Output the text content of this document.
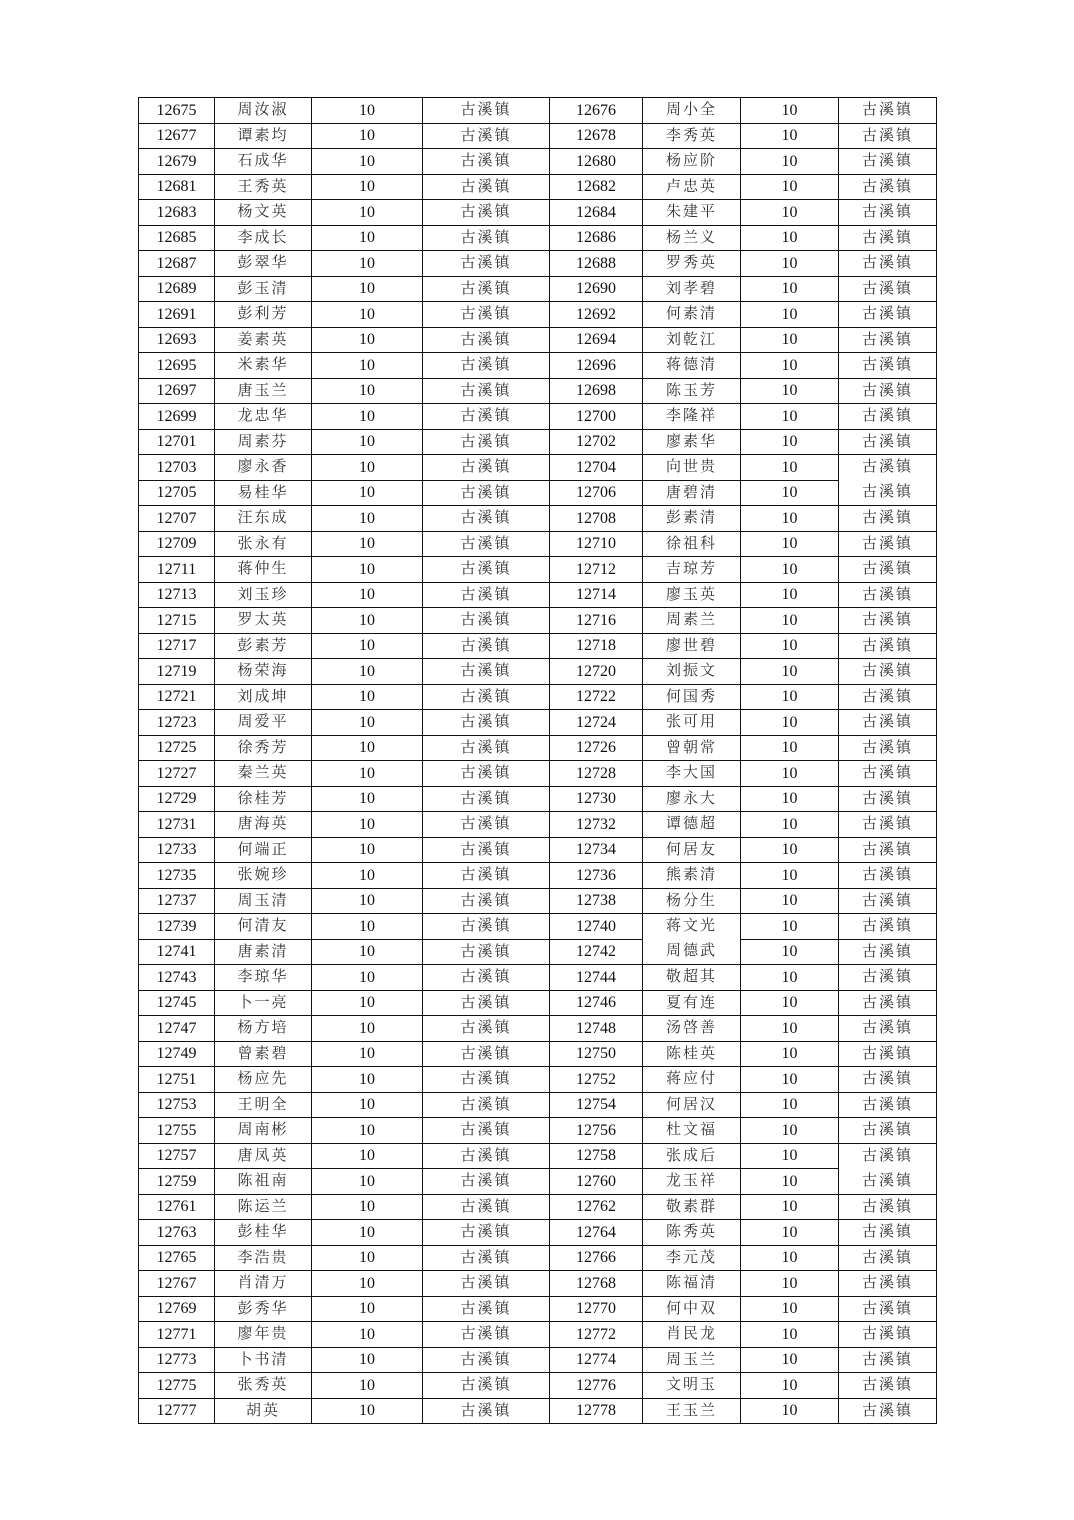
12675	周汝淑	10	古溪镇	12676	周小全	10	古溪镇
12677	谭素均	10	古溪镇	12678	李秀英	10	古溪镇
12679	石成华	10	古溪镇	12680	杨应阶	10	古溪镇
12681	王秀英	10	古溪镇	12682	卢忠英	10	古溪镇
12683	杨文英	10	古溪镇	12684	朱建平	10	古溪镇
12685	李成长	10	古溪镇	12686	杨兰义	10	古溪镇
12687	彭翠华	10	古溪镇	12688	罗秀英	10	古溪镇
12689	彭玉清	10	古溪镇	12690	刘孝碧	10	古溪镇
12691	彭利芳	10	古溪镇	12692	何素清	10	古溪镇
12693	姜素英	10	古溪镇	12694	刘乾江	10	古溪镇
12695	米素华	10	古溪镇	12696	蒋德清	10	古溪镇
12697	唐玉兰	10	古溪镇	12698	陈玉芳	10	古溪镇
12699	龙忠华	10	古溪镇	12700	李隆祥	10	古溪镇
12701	周素芬	10	古溪镇	12702	廖素华	10	古溪镇
12703	廖永香	10	古溪镇	12704	向世贵	10	古溪镇
12705	易桂华	10	古溪镇	12706	唐碧清	10	古溪镇
12707	汪东成	10	古溪镇	12708	彭素清	10	古溪镇
12709	张永有	10	古溪镇	12710	徐祖科	10	古溪镇
12711	蒋仲生	10	古溪镇	12712	吉琼芳	10	古溪镇
12713	刘玉珍	10	古溪镇	12714	廖玉英	10	古溪镇
12715	罗太英	10	古溪镇	12716	周素兰	10	古溪镇
12717	彭素芳	10	古溪镇	12718	廖世碧	10	古溪镇
12719	杨荣海	10	古溪镇	12720	刘振文	10	古溪镇
12721	刘成坤	10	古溪镇	12722	何国秀	10	古溪镇
12723	周爱平	10	古溪镇	12724	张可用	10	古溪镇
12725	徐秀芳	10	古溪镇	12726	曾朝常	10	古溪镇
12727	秦兰英	10	古溪镇	12728	李大国	10	古溪镇
12729	徐桂芳	10	古溪镇	12730	廖永大	10	古溪镇
12731	唐海英	10	古溪镇	12732	谭德超	10	古溪镇
12733	何端正	10	古溪镇	12734	何居友	10	古溪镇
12735	张婉珍	10	古溪镇	12736	熊素清	10	古溪镇
12737	周玉清	10	古溪镇	12738	杨分生	10	古溪镇
12739	何清友	10	古溪镇	12740	蒋文光	10	古溪镇
12741	唐素清	10	古溪镇	12742	周德武	10	古溪镇
12743	李琼华	10	古溪镇	12744	敬超其	10	古溪镇
12745	卜一亮	10	古溪镇	12746	夏有连	10	古溪镇
12747	杨方培	10	古溪镇	12748	汤啓善	10	古溪镇
12749	曾素碧	10	古溪镇	12750	陈桂英	10	古溪镇
12751	杨应先	10	古溪镇	12752	蒋应付	10	古溪镇
12753	王明全	10	古溪镇	12754	何居汉	10	古溪镇
12755	周南彬	10	古溪镇	12756	杜文福	10	古溪镇
12757	唐凤英	10	古溪镇	12758	张成后	10	古溪镇
12759	陈祖南	10	古溪镇	12760	龙玉祥	10	古溪镇
12761	陈运兰	10	古溪镇	12762	敬素群	10	古溪镇
12763	彭桂华	10	古溪镇	12764	陈秀英	10	古溪镇
12765	李浩贵	10	古溪镇	12766	李元茂	10	古溪镇
12767	肖清万	10	古溪镇	12768	陈福清	10	古溪镇
12769	彭秀华	10	古溪镇	12770	何中双	10	古溪镇
12771	廖年贵	10	古溪镇	12772	肖民龙	10	古溪镇
12773	卜书清	10	古溪镇	12774	周玉兰	10	古溪镇
12775	张秀英	10	古溪镇	12776	文明玉	10	古溪镇
12777	胡英	10	古溪镇	12778	王玉兰	10	古溪镇
